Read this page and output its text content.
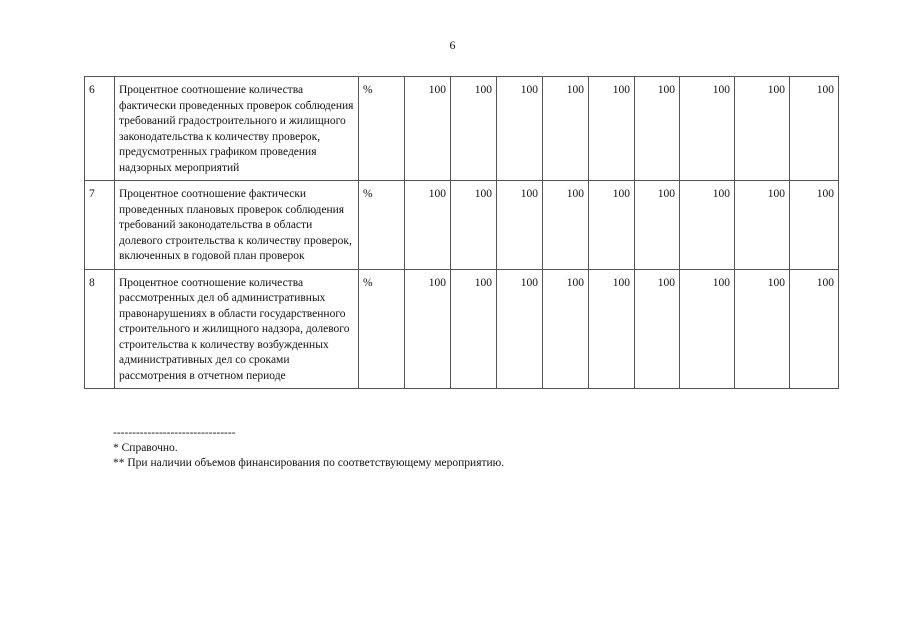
6
6	Процентное соотношение количества фактически проведенных проверок соблюдения требований градостроительного и жилищного законодательства к количеству проверок, предусмотренных графиком проведения надзорных мероприятий	%	100	100	100	100	100	100	100	100	100
7	Процентное соотношение фактически проведенных плановых проверок соблюдения требований законодательства в области долевого строительства к количеству проверок, включенных в годовой план проверок	%	100	100	100	100	100	100	100	100	100
8	Процентное соотношение количества рассмотренных дел об административных правонарушениях в области государственного строительного и жилищного надзора, долевого строительства к количеству возбужденных административных дел со сроками рассмотрения в отчетном периоде	%	100	100	100	100	100	100	100	100	100
--------------------------------
* Справочно.
** При наличии объемов финансирования по соответствующему мероприятию.
